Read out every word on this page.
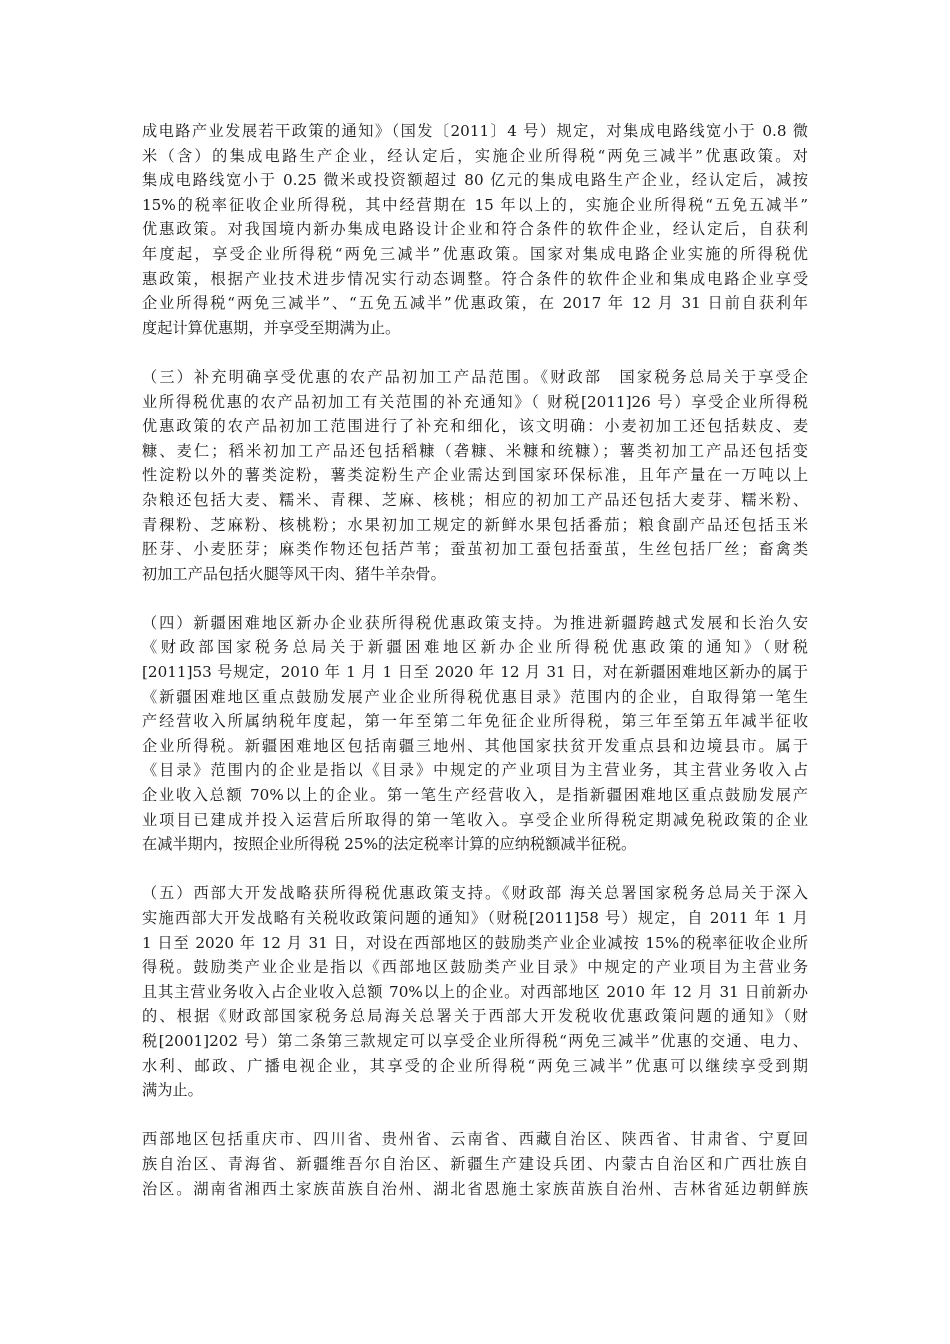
成电路产业发展若干政策的通知》（国发〔2011〕4 号）规定，对集成电路线宽小于 0.8 微
米（含）的集成电路生产企业，经认定后，实施企业所得税“两免三减半”优惠政策。对
集成电路线宽小于 0.25 微米或投资额超过 80 亿元的集成电路生产企业，经认定后，减按
15%的税率征收企业所得税，其中经营期在 15 年以上的，实施企业所得税“五免五减半”
优惠政策。对我国境内新办集成电路设计企业和符合条件的软件企业，经认定后，自获利
年度起，享受企业所得税“两免三减半”优惠政策。国家对集成电路企业实施的所得税优
惠政策，根据产业技术进步情况实行动态调整。符合条件的软件企业和集成电路企业享受
企业所得税“两免三减半”、“五免五减半”优惠政策，在 2017 年 12 月 31 日前自获利年
度起计算优惠期，并享受至期满为止。
（三）补充明确享受优惠的农产品初加工产品范围。《财政部　国家税务总局关于享受企
业所得税优惠的农产品初加工有关范围的补充通知》（ 财税[2011]26 号）享受企业所得税
优惠政策的农产品初加工范围进行了补充和细化，该文明确：小麦初加工还包括麸皮、麦
糠、麦仁；稻米初加工产品还包括稻糠（砻糠、米糠和统糠）；薯类初加工产品还包括变
性淀粉以外的薯类淀粉，薯类淀粉生产企业需达到国家环保标准，且年产量在一万吨以上
杂粮还包括大麦、糯米、青稞、芝麻、核桃；相应的初加工产品还包括大麦芽、糯米粉、
青稞粉、芝麻粉、核桃粉；水果初加工规定的新鲜水果包括番茄；粮食副产品还包括玉米
胚芽、小麦胚芽；麻类作物还包括芦苇；蚕茧初加工蚕包括蚕茧，生丝包括厂丝；畜禽类
初加工产品包括火腿等风干肉、猪牛羊杂骨。
（四）新疆困难地区新办企业获所得税优惠政策支持。为推进新疆跨越式发展和长治久安
《财政部国家税务总局关于新疆困难地区新办企业所得税优惠政策的通知》（财税
[2011]53 号规定，2010 年 1 月 1 日至 2020 年 12 月 31 日，对在新疆困难地区新办的属于
《新疆困难地区重点鼓励发展产业企业所得税优惠目录》范围内的企业，自取得第一笔生
产经营收入所属纳税年度起，第一年至第二年免征企业所得税，第三年至第五年减半征收
企业所得税。新疆困难地区包括南疆三地州、其他国家扶贫开发重点县和边境县市。属于
《目录》范围内的企业是指以《目录》中规定的产业项目为主营业务，其主营业务收入占
企业收入总额 70%以上的企业。第一笔生产经营收入，是指新疆困难地区重点鼓励发展产
业项目已建成并投入运营后所取得的第一笔收入。享受企业所得税定期减免税政策的企业
在减半期内，按照企业所得税 25%的法定税率计算的应纳税额减半征税。
（五）西部大开发战略获所得税优惠政策支持。《财政部 海关总署国家税务总局关于深入
实施西部大开发战略有关税收政策问题的通知》（财税[2011]58 号）规定，自 2011 年 1 月
1 日至 2020 年 12 月 31 日，对设在西部地区的鼓励类产业企业减按 15%的税率征收企业所
得税。鼓励类产业企业是指以《西部地区鼓励类产业目录》中规定的产业项目为主营业务
且其主营业务收入占企业收入总额 70%以上的企业。对西部地区 2010 年 12 月 31 日前新办
的、根据《财政部国家税务总局海关总署关于西部大开发税收优惠政策问题的通知》（财
税[2001]202 号）第二条第三款规定可以享受企业所得税“两免三减半”优惠的交通、电力、
水利、邮政、广播电视企业，其享受的企业所得税“两免三减半”优惠可以继续享受到期
满为止。
西部地区包括重庆市、四川省、贵州省、云南省、西藏自治区、陕西省、甘肃省、宁夏回
族自治区、青海省、新疆维吾尔自治区、新疆生产建设兵团、内蒙古自治区和广西壮族自
治区。湖南省湘西土家族苗族自治州、湖北省恩施土家族苗族自治州、吉林省延边朝鲜族
